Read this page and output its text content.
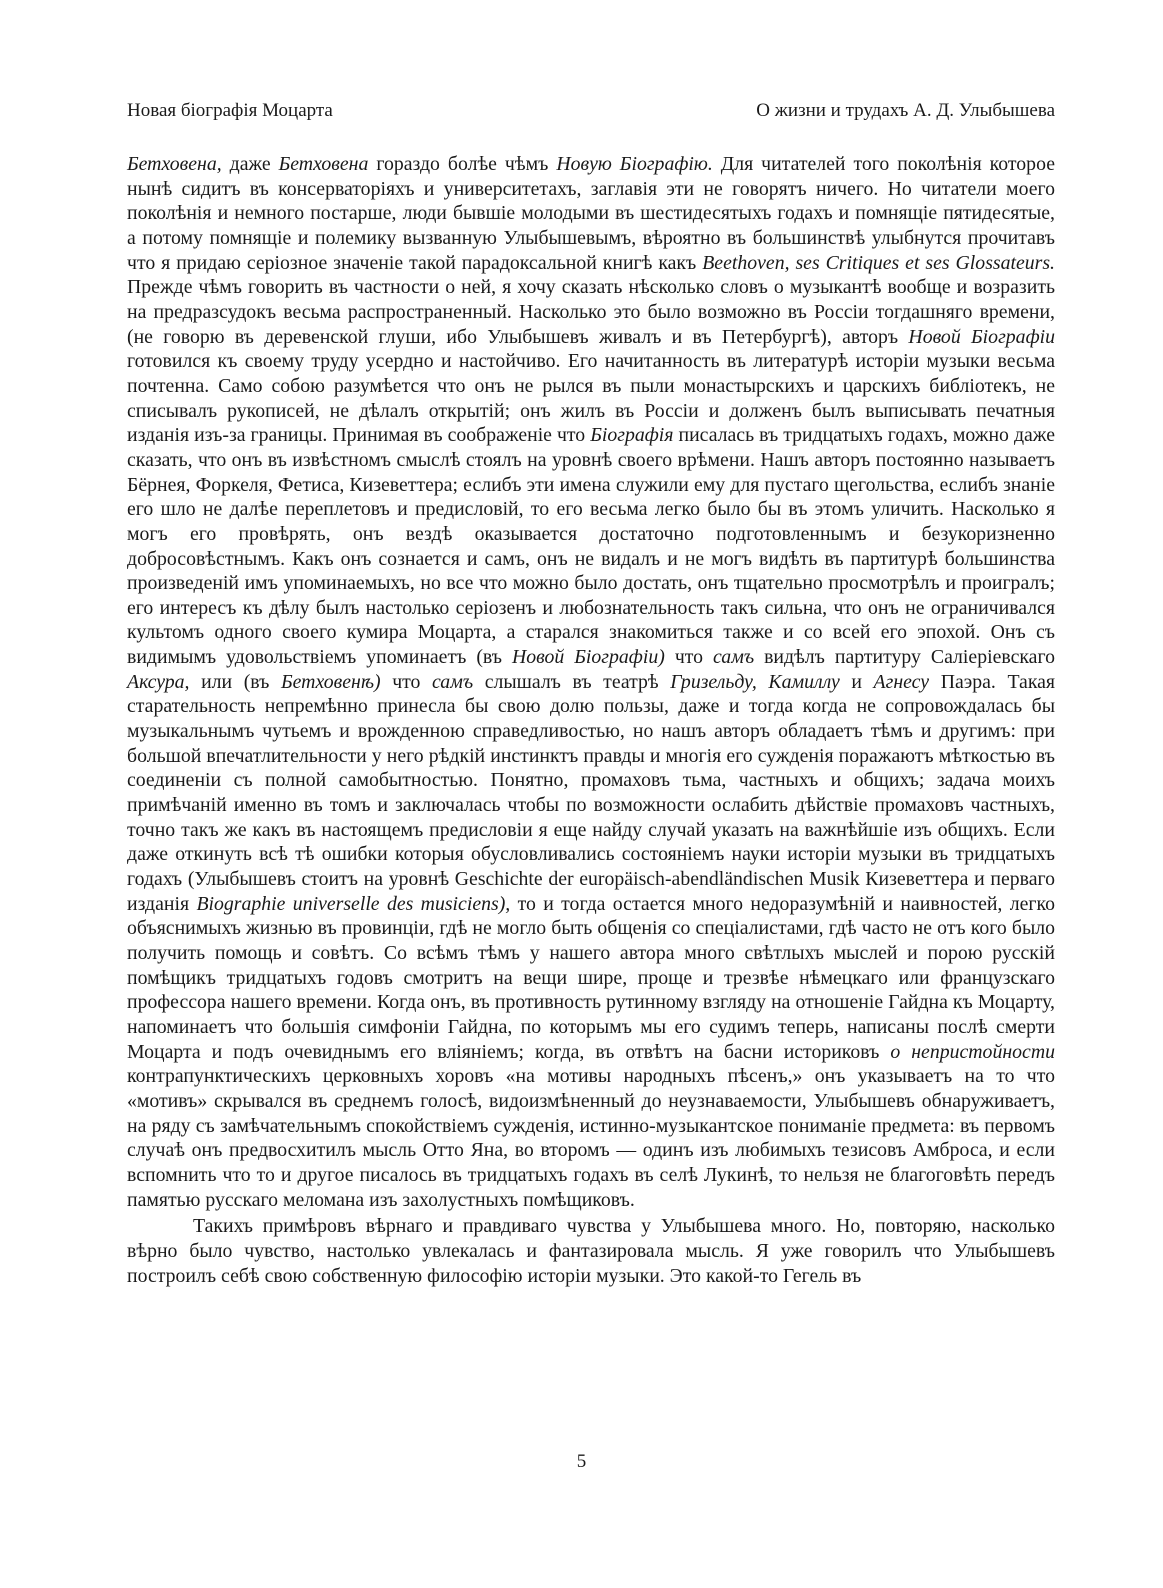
Новая біографія Моцарта	О жизни и трудахъ А. Д. Улыбышева

Бетховена, даже Бетховена гораздо болѣе чѣмъ Новую Біографію. Для читателей того поколѣнія которое нынѣ сидитъ въ консерваторіяхъ и университетахъ, заглавія эти не говорятъ ничего. Но читатели моего поколѣнія и немного постарше, люди бывшіе молодыми въ шестидесятыхъ годахъ и помнящіе пятидесятые, а потому помнящіе и полемику вызванную Улыбышевымъ, вѣроятно въ большинствѣ улыбнутся прочитавъ что я придаю серіозное значеніе такой парадоксальной книгѣ какъ Beethoven, ses Critiques et ses Glossateurs. Прежде чѣмъ говорить въ частности о ней, я хочу сказать нѣсколько словъ о музыкантѣ вообще и возразить на предразсудокъ весьма распространенный. Насколько это было возможно въ Россіи тогдашняго времени, (не говорю въ деревенской глуши, ибо Улыбышевъ живалъ и въ Петербургѣ), авторъ Новой Біографіи готовился къ своему труду усердно и настойчиво. Его начитанность въ литературѣ исторіи музыки весьма почтенна. Само собою разумѣется что онъ не рылся въ пыли монастырскихъ и царскихъ библіотекъ, не списывалъ рукописей, не дѣлалъ открытій; онъ жилъ въ Россіи и долженъ былъ выписывать печатныя изданія изъ-за границы. Принимая въ соображеніе что Біографія писалась въ тридцатыхъ годахъ, можно даже сказать, что онъ въ извѣстномъ смыслѣ стоялъ на уровнѣ своего врѣмени. Нашъ авторъ постоянно называетъ Бёрнея, Форкеля, Фетиса, Кизеветтера; еслибъ эти имена служили ему для пустаго щегольства, еслибъ знаніе его шло не далѣе переплетовъ и предисловій, то его весьма легко было бы въ этомъ уличить. Насколько я могъ его провѣрять, онъ вездѣ оказывается достаточно подготовленнымъ и безукоризненно добросовѣстнымъ. Какъ онъ сознается и самъ, онъ не видалъ и не могъ видѣть въ партитурѣ большинства произведеній имъ упоминаемыхъ, но все что можно было достать, онъ тщательно просмотрѣлъ и проигралъ; его интересъ къ дѣлу былъ настолько серіозенъ и любознательность такъ сильна, что онъ не ограничивался культомъ одного своего кумира Моцарта, а старался знакомиться также и со всей его эпохой. Онъ съ видимымъ удовольствіемъ упоминаетъ (въ Новой Біографіи) что самъ видѣлъ партитуру Саліеріевскаго Аксура, или (въ Бетховенѣ) что самъ слышалъ въ театрѣ Гризельду, Камиллу и Агнесу Паэра. Такая старательность непремѣнно принесла бы свою долю пользы, даже и тогда когда не сопровождалась бы музыкальнымъ чутьемъ и врожденною справедливостью, но нашъ авторъ обладаетъ тѣмъ и другимъ: при большой впечатлительности у него рѣдкій инстинктъ правды и многія его сужденія поражаютъ мѣткостью въ соединеніи съ полной самобытностью. Понятно, промаховъ тьма, частныхъ и общихъ; задача моихъ примѣчаній именно въ томъ и заключалась чтобы по возможности ослабить дѣйствіе промаховъ частныхъ, точно такъ же какъ въ настоящемъ предисловіи я еще найду случай указать на важнѣйшіе изъ общихъ. Если даже откинуть всѣ тѣ ошибки которыя обусловливались состояніемъ науки исторіи музыки въ тридцатыхъ годахъ (Улыбышевъ стоитъ на уровнѣ Geschichte der europäisch-abendländischen Musik Кизеветтера и перваго изданія Biographie universelle des musiciens), то и тогда остается много недоразумѣній и наивностей, легко объяснимыхъ жизнью въ провинціи, гдѣ не могло быть общенія со спеціалистами, гдѣ часто не отъ кого было получить помощь и совѣтъ. Со всѣмъ тѣмъ у нашего автора много свѣтлыхъ мыслей и порою русскій помѣщикъ тридцатыхъ годовъ смотритъ на вещи шире, проще и трезвѣе нѣмецкаго или французскаго профессора нашего времени. Когда онъ, въ противность рутинному взгляду на отношеніе Гайдна къ Моцарту, напоминаетъ что большія симфоніи Гайдна, по которымъ мы его судимъ теперь, написаны послѣ смерти Моцарта и подъ очевиднымъ его вліяніемъ; когда, въ отвѣтъ на басни историковъ о непристойности контрапунктическихъ церковныхъ хоровъ «на мотивы народныхъ пѣсенъ,» онъ указываетъ на то что «мотивъ» скрывался въ среднемъ голосѣ, видоизмѣненный до неузнаваемости, Улыбышевъ обнаруживаетъ, на ряду съ замѣчательнымъ спокойствіемъ сужденія, истинно-музыкантское пониманіе предмета: въ первомъ случаѣ онъ предвосхитилъ мысль Отто Яна, во второмъ — одинъ изъ любимыхъ тезисовъ Амброса, и если вспомнить что то и другое писалось въ тридцатыхъ годахъ въ селѣ Лукинѣ, то нельзя не благоговѣть передъ памятью русскаго меломана изъ захолустныхъ помѣщиковъ.

Такихъ примѣровъ вѣрнаго и правдиваго чувства у Улыбышева много. Но, повторяю, насколько вѣрно было чувство, настолько увлекалась и фантазировала мысль. Я уже говорилъ что Улыбышевъ построилъ себѣ свою собственную философію исторіи музыки. Это какой-то Гегель въ

5
